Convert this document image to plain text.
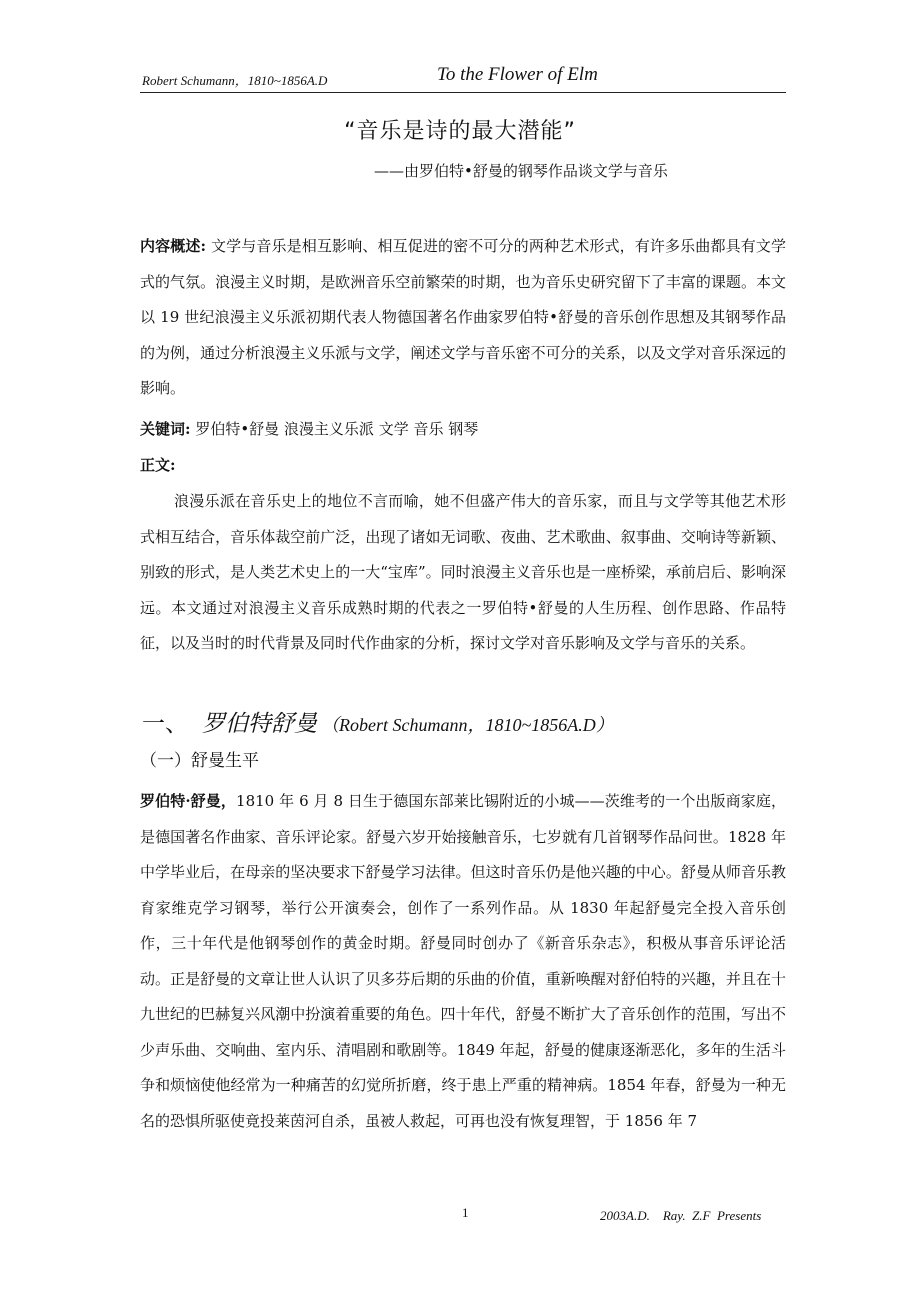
Robert Schumann，1810~1856A.D	To the Flower of Elm
“音乐是诗的最大潜能”
——由罗伯特•舒曼的钢琴作品谈文学与音乐
内容概述: 文学与音乐是相互影响、相互促进的密不可分的两种艺术形式，有许多乐曲都具有文学式的气氛。浪漫主义时期，是欧洲音乐空前繁荣的时期，也为音乐史研究留下了丰富的课题。本文以 19 世纪浪漫主义乐派初期代表人物德国著名作曲家罗伯特•舒曼的音乐创作思想及其钢琴作品的为例，通过分析浪漫主义乐派与文学，阐述文学与音乐密不可分的关系，以及文学对音乐深远的影响。
关键词: 罗伯特•舒曼 浪漫主义乐派 文学 音乐 钢琴
正文:
浪漫乐派在音乐史上的地位不言而喻，她不但盛产伟大的音乐家，而且与文学等其他艺术形式相互结合，音乐体裁空前广泛，出现了诸如无词歌、夜曲、艺术歌曲、叙事曲、交响诗等新颖、别致的形式，是人类艺术史上的一大“宝库”。同时浪漫主义音乐也是一座桥梁，承前启后、影响深远。本文通过对浪漫主义音乐成熟时期的代表之一罗伯特•舒曼的人生历程、创作思路、作品特征，以及当时的时代背景及同时代作曲家的分析，探讨文学对音乐影响及文学与音乐的关系。
一、 罗伯特舒曼 （Robert Schumann，1810~1856A.D）
（一）舒曼生平
罗伯特·舒曼，1810 年 6 月 8 日生于德国东部莱比锡附近的小城——茨维考的一个出版商家庭，是德国著名作曲家、音乐评论家。舒曼六岁开始接触音乐，七岁就有几首钢琴作品问世。1828 年中学毕业后，在母亲的坚决要求下舒曼学习法律。但这时音乐仍是他兴趣的中心。舒曼从师音乐教育家维克学习钢琴，举行公开演奏会，创作了一系列作品。从 1830 年起舒曼完全投入音乐创作，三十年代是他钢琴创作的黄金时期。舒曼同时创办了《新音乐杂志》，积极从事音乐评论活动。正是舒曼的文章让世人认识了贝多芬后期的乐曲的价值，重新唤醒对舒伯特的兴趣，并且在十九世纪的巴赫复兴风潮中扮演着重要的角色。四十年代，舒曼不断扩大了音乐创作的范围，写出不少声乐曲、交响曲、室内乐、清唱剧和歌剧等。1849 年起，舒曼的健康逐渐恶化，多年的生活斗争和烦恼使他经常为一种痛苦的幻觉所折磨，终于患上严重的精神病。1854 年春，舒曼为一种无名的恐惧所驱使竟投莱茵河自杀，虽被人救起，可再也没有恢复理智，于 1856 年 7
1	2003A.D.    Ray.  Z.F  Presents
